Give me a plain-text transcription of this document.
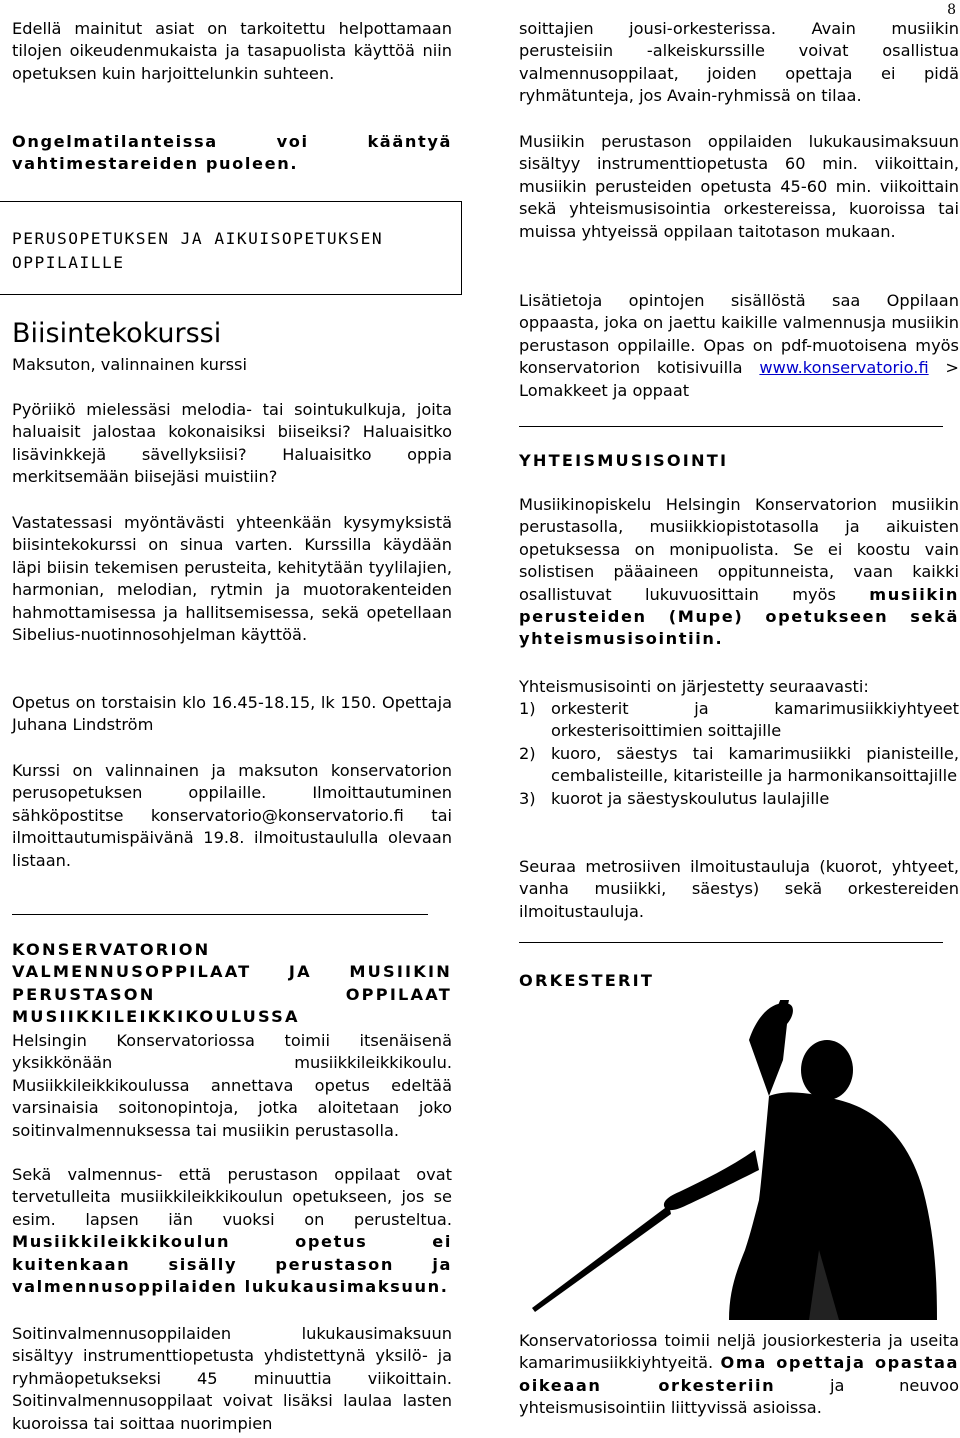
8

Edellä mainitut asiat on tarkoitettu helpottamaan tilojen oikeudenmukaista ja tasapuolista käyttöä niin opetuksen kuin harjoittelunkin suhteen.

Ongelmatilanteissa voi kääntyä vahtimestareiden puoleen.

PERUSOPETUKSEN JA AIKUISOPETUKSEN
OPPILAILLE
Biisintekokurssi
Maksuton, valinnainen kurssi

Pyöriikö mielessäsi melodia- tai sointukulkuja, joita haluaisit jalostaa kokonaisiksi biiseiksi? Haluaisitko lisävinkkejä sävellyksiisi? Haluaisitko oppia merkitsemään biisejäsi muistiin?

Vastatessasi myöntävästi yhteenkään kysymyksistä biisintekokurssi on sinua varten. Kurssilla käydään läpi biisin tekemisen perusteita, kehitytään tyylilajien, harmonian, melodian, rytmin ja muotorakenteiden hahmottamisessa ja hallitsemisessa, sekä opetellaan Sibelius-nuotinnosohjelman käyttöä.

Opetus on torstaisin klo 16.45-18.15, lk 150. Opettaja Juhana Lindström

Kurssi on valinnainen ja maksuton konservatorion perusopetuksen oppilaille. Ilmoittautuminen sähköpostitse konservatorio@konservatorio.fi tai ilmoittautumispäivänä 19.8. ilmoitustaululla olevaan listaan.

KONSERVATORION VALMENNUSOPPILAAT JA MUSIIKIN PERUSTASON OPPILAAT MUSIIKKILEIKKIKOULUSSA

Helsingin Konservatoriossa toimii itsenäisenä yksikkönään musiikkileikkikoulu. Musiikkileikkikoulussa annettava opetus edeltää varsinaisia soitonopintoja, jotka aloitetaan joko soitinvalmennuksessa tai musiikin perustasolla.

Sekä valmennus- että perustason oppilaat ovat tervetulleita musiikkileikkikoulun opetukseen, jos se esim. lapsen iän vuoksi on perusteltua. Musiikkileikkikoulun opetus ei kuitenkaan sisälly perustason ja valmennusoppilaiden lukukausimaksuun.

Soitinvalmennusoppilaiden lukukausimaksuun sisältyy instrumenttiopetusta yhdistettynä yksilö- ja ryhmäopetukseksi 45 minuuttia viikoittain. Soitinvalmennusoppilaat voivat lisäksi laulaa lasten kuoroissa tai soittaa nuorimpien

soittajien jousi-orkesterissa. Avain musiikin perusteisiin -alkeiskurssille voivat osallistua valmennusoppilaat, joiden opettaja ei pidä ryhmätunteja, jos Avain-ryhmissä on tilaa.

Musiikin perustason oppilaiden lukukausimaksuun sisältyy instrumenttiopetusta 60 min. viikoittain, musiikin perusteiden opetusta 45-60 min. viikoittain sekä yhteismusisointia orkestereissa, kuoroissa tai muissa yhtyeissä oppilaan taitotason mukaan.

Lisätietoja opintojen sisällöstä saa Oppilaan oppaasta, joka on jaettu kaikille valmennusja musiikin perustason oppilaille. Opas on pdf-muotoisena myös konservatorion kotisivuilla www.konservatorio.fi > Lomakkeet ja oppaat

YHTEISMUSISOINTI

Musiikinopiskelu Helsingin Konservatorion musiikin perustasolla, musiikkiopistotasolla ja aikuisten opetuksessa on monipuolista. Se ei koostu vain solistisen pääaineen oppitunneista, vaan kaikki osallistuvat lukuvuosittain myös musiikin perusteiden (Mupe) opetukseen sekä yhteismusisointiin.

Yhteismusisointi on järjestetty seuraavasti:

1) orkesterit ja kamarimusiikkiyhtyeet orkesterisoittimien soittajille
2) kuoro, säestys tai kamarimusiikki pianisteille, cembalisteille, kitaristeille ja harmonikansoittajille
3) kuorot ja säestyskoulutus laulajille

Seuraa metrosiiven ilmoitustauluja (kuorot, yhtyeet, vanha musiikki, säestys) sekä orkestereiden ilmoitustauluja.

ORKESTERIT

Konservatoriossa toimii neljä jousiorkesteria ja useita kamarimusiikkiyhtyeitä. Oma opettaja opastaa oikeaan orkesteriin ja neuvoo yhteismusisointiin liittyvissä asioissa.
